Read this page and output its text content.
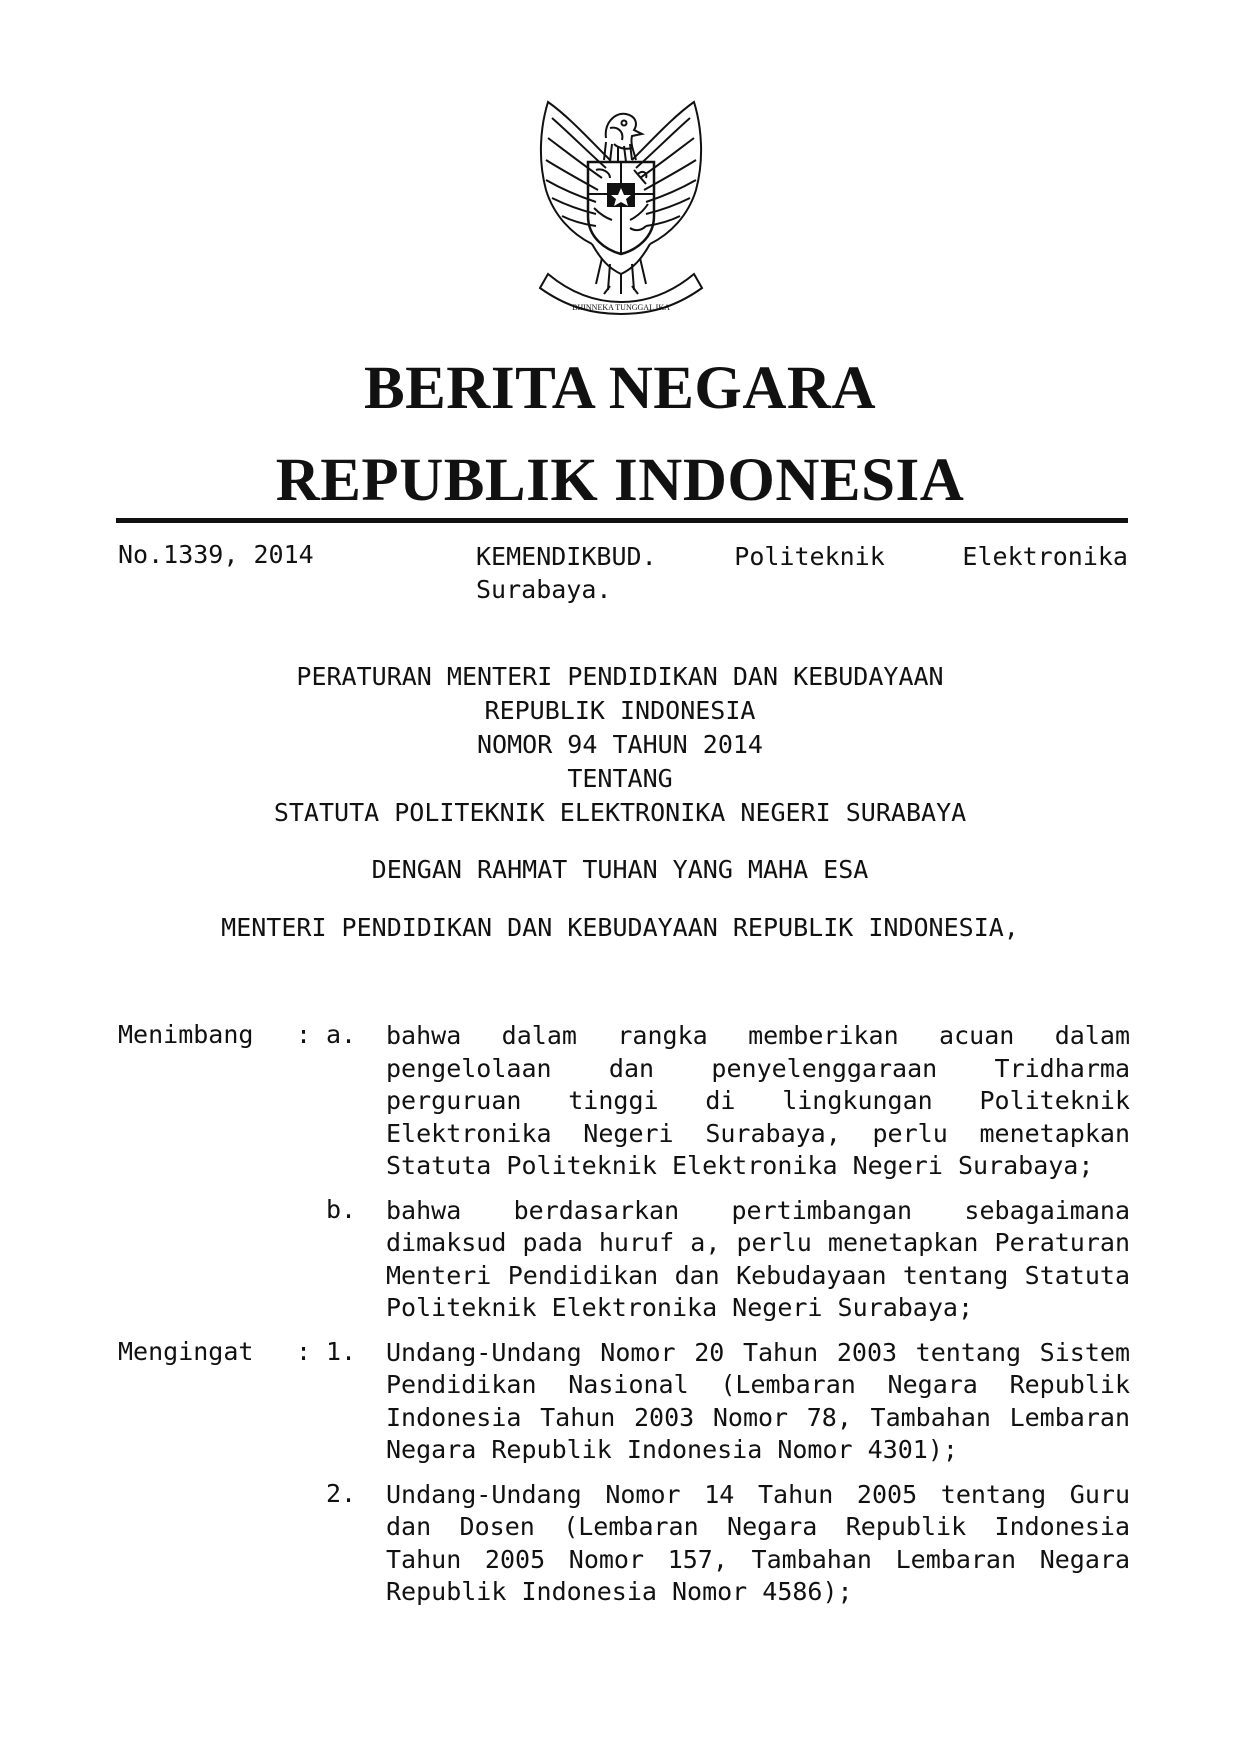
BHINNEKA TUNGGAL IKA
BERITA NEGARA
REPUBLIK INDONESIA
No.1339, 2014	KEMENDIKBUD.	Politeknik	Elektronika
Surabaya.
PERATURAN MENTERI PENDIDIKAN DAN KEBUDAYAAN
REPUBLIK INDONESIA
NOMOR 94 TAHUN 2014
TENTANG
STATUTA POLITEKNIK ELEKTRONIKA NEGERI SURABAYA
DENGAN RAHMAT TUHAN YANG MAHA ESA
MENTERI PENDIDIKAN DAN KEBUDAYAAN REPUBLIK INDONESIA,
Menimbang : a. bahwa dalam rangka memberikan acuan dalam pengelolaan dan penyelenggaraan Tridharma perguruan tinggi di lingkungan Politeknik Elektronika Negeri Surabaya, perlu menetapkan Statuta Politeknik Elektronika Negeri Surabaya;
b. bahwa berdasarkan pertimbangan sebagaimana dimaksud pada huruf a, perlu menetapkan Peraturan Menteri Pendidikan dan Kebudayaan tentang Statuta Politeknik Elektronika Negeri Surabaya;
Mengingat : 1. Undang-Undang Nomor 20 Tahun 2003 tentang Sistem Pendidikan Nasional (Lembaran Negara Republik Indonesia Tahun 2003 Nomor 78, Tambahan Lembaran Negara Republik Indonesia Nomor 4301);
2. Undang-Undang Nomor 14 Tahun 2005 tentang Guru dan Dosen (Lembaran Negara Republik Indonesia Tahun 2005 Nomor 157, Tambahan Lembaran Negara Republik Indonesia Nomor 4586);
